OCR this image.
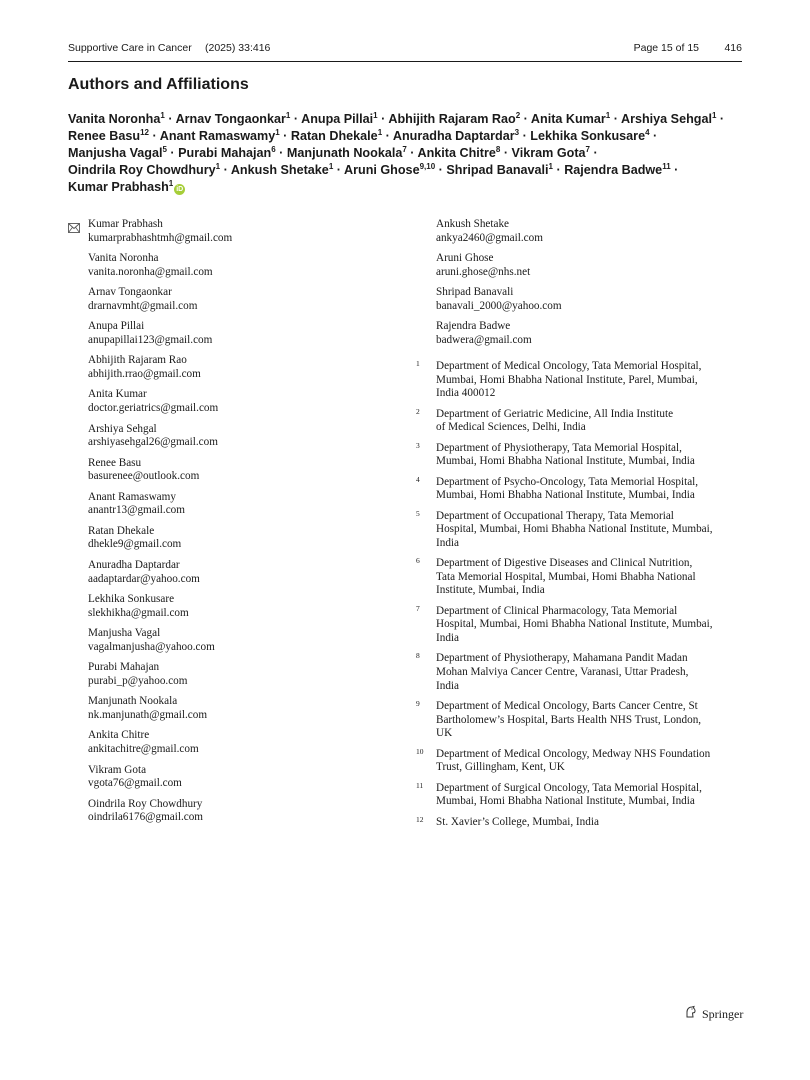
Supportive Care in Cancer (2025) 33:416	Page 15 of 15 416
Authors and Affiliations
Vanita Noronha$^1$ · Arnav Tongaonkar$^1$ · Anupa Pillai$^1$ · Abhijith Rajaram Rao$^2$ · Anita Kumar$^1$ · Arshiya Sehgal$^1$ ·
Renee Basu$^{12}$ · Anant Ramaswamy$^1$ · Ratan Dhekale$^1$ · Anuradha Daptardar$^3$ · Lekhika Sonkusare$^4$ ·
Manjusha Vagal$^5$ · Purabi Mahajan$^6$ · Manjunath Nookala$^7$ · Ankita Chitre$^8$ · Vikram Gota$^7$ ·
Oindrila Roy Chowdhury$^1$ · Ankush Shetake$^1$ · Aruni Ghose$^{9,10}$ · Shripad Banavali$^1$ · Rajendra Badwe$^{11}$ ·
Kumar Prabhash$^1$iD
Kumar Prabhash
kumarprabhashtmh@gmail.com
Vanita Noronha
vanita.noronha@gmail.com
Arnav Tongaonkar
drarnavmht@gmail.com
Anupa Pillai
anupapillai123@gmail.com
Abhijith Rajaram Rao
abhijith.rrao@gmail.com
Anita Kumar
doctor.geriatrics@gmail.com
Arshiya Sehgal
arshiyasehgal26@gmail.com
Renee Basu
basurenee@outlook.com
Anant Ramaswamy
anantr13@gmail.com
Ratan Dhekale
dhekle9@gmail.com
Anuradha Daptardar
aadaptardar@yahoo.com
Lekhika Sonkusare
slekhikha@gmail.com
Manjusha Vagal
vagalmanjusha@yahoo.com
Purabi Mahajan
purabi_p@yahoo.com
Manjunath Nookala
nk.manjunath@gmail.com
Ankita Chitre
ankitachitre@gmail.com
Vikram Gota
vgota76@gmail.com
Oindrila Roy Chowdhury
oindrila6176@gmail.com
Ankush Shetake
ankya2460@gmail.com
Aruni Ghose
aruni.ghose@nhs.net
Shripad Banavali
banavali_2000@yahoo.com
Rajendra Badwe
badwera@gmail.com
1 Department of Medical Oncology, Tata Memorial Hospital,
Mumbai, Homi Bhabha National Institute, Parel, Mumbai,
India 400012
2 Department of Geriatric Medicine, All India Institute
of Medical Sciences, Delhi, India
3 Department of Physiotherapy, Tata Memorial Hospital,
Mumbai, Homi Bhabha National Institute, Mumbai, India
4 Department of Psycho-Oncology, Tata Memorial Hospital,
Mumbai, Homi Bhabha National Institute, Mumbai, India
5 Department of Occupational Therapy, Tata Memorial
Hospital, Mumbai, Homi Bhabha National Institute, Mumbai,
India
6 Department of Digestive Diseases and Clinical Nutrition,
Tata Memorial Hospital, Mumbai, Homi Bhabha National
Institute, Mumbai, India
7 Department of Clinical Pharmacology, Tata Memorial
Hospital, Mumbai, Homi Bhabha National Institute, Mumbai,
India
8 Department of Physiotherapy, Mahamana Pandit Madan
Mohan Malviya Cancer Centre, Varanasi, Uttar Pradesh,
India
9 Department of Medical Oncology, Barts Cancer Centre, St
Bartholomew’s Hospital, Barts Health NHS Trust, London,
UK
10 Department of Medical Oncology, Medway NHS Foundation
Trust, Gillingham, Kent, UK
11 Department of Surgical Oncology, Tata Memorial Hospital,
Mumbai, Homi Bhabha National Institute, Mumbai, India
12 St. Xavier’s College, Mumbai, India
Springer
